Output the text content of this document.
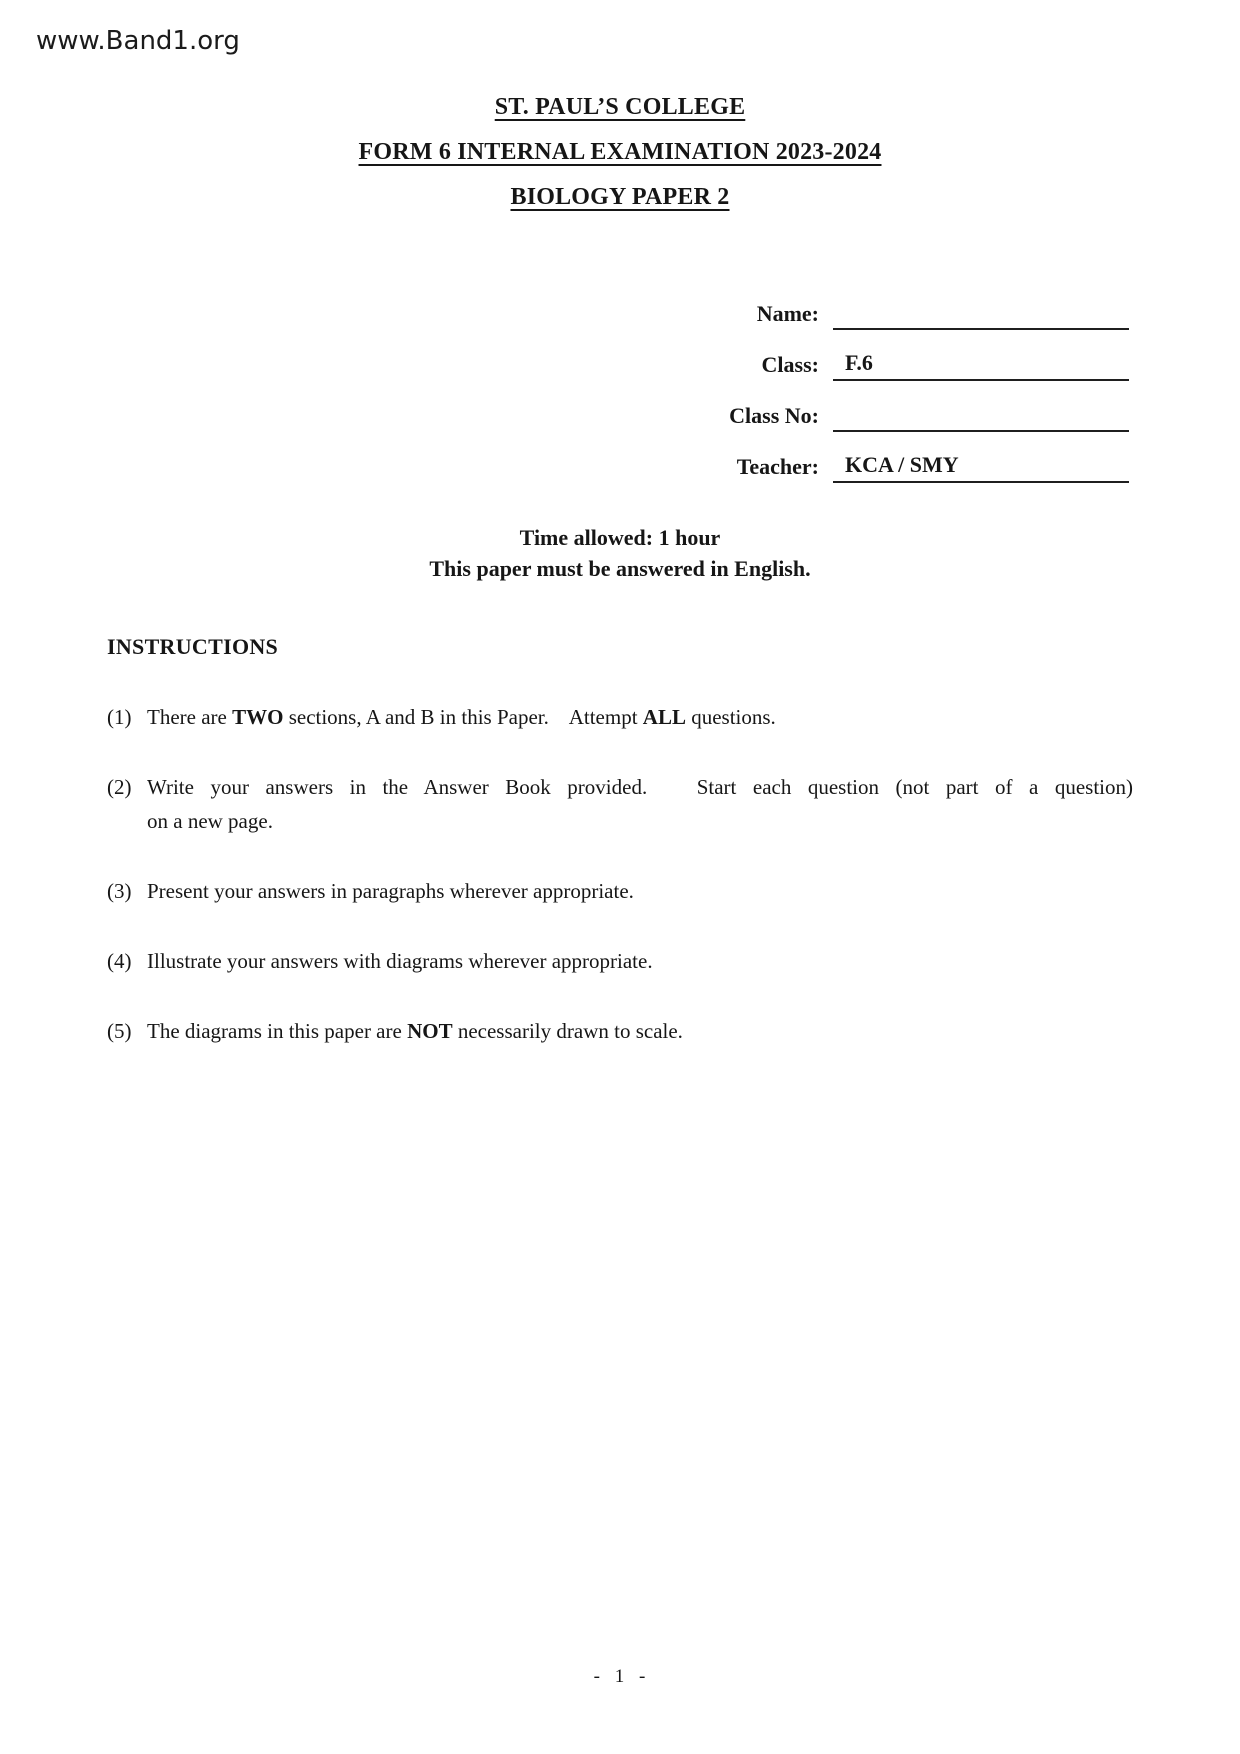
www.Band1.org
ST. PAUL’S COLLEGE
FORM 6 INTERNAL EXAMINATION 2023-2024
BIOLOGY PAPER 2
Name:
Class: F.6
Class No:
Teacher: KCA / SMY
Time allowed: 1 hour
This paper must be answered in English.
INSTRUCTIONS
(1) There are TWO sections, A and B in this Paper.    Attempt ALL questions.
(2) Write your answers in the Answer Book provided.   Start each question (not part of a question)
on a new page.
(3) Present your answers in paragraphs wherever appropriate.
(4) Illustrate your answers with diagrams wherever appropriate.
(5) The diagrams in this paper are NOT necessarily drawn to scale.
- 1 -
